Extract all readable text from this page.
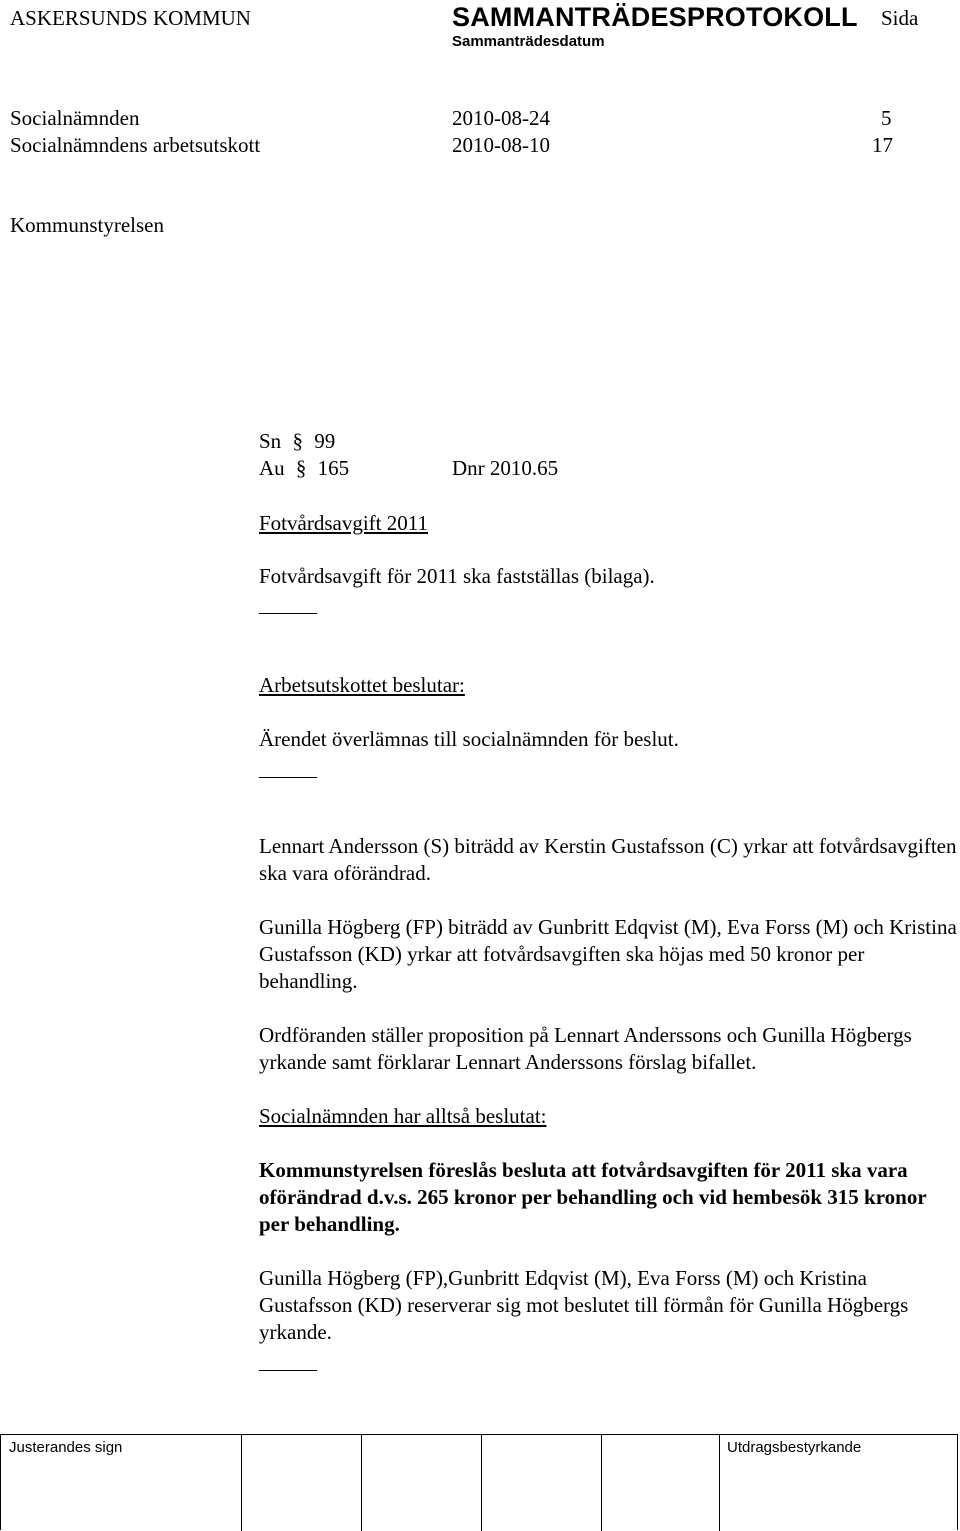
ASKERSUNDS KOMMUN	SAMMANTRÄDESPROTOKOLL Sida
Sammanträdesdatum
Socialnämnden	2010-08-24	5
Socialnämndens arbetsutskott	2010-08-10	17
Kommunstyrelsen
Sn § 99
Au § 165	Dnr 2010.65
Fotvårdsavgift 2011
Fotvårdsavgift för 2011 ska fastställas (bilaga).
Arbetsutskottet beslutar:
Ärendet överlämnas till socialnämnden för beslut.
Lennart Andersson (S) biträdd av Kerstin Gustafsson (C) yrkar att fotvårdsavgiften ska vara oförändrad.
Gunilla Högberg (FP) biträdd av Gunbritt Edqvist (M), Eva Forss (M) och Kristina Gustafsson (KD) yrkar att fotvårdsavgiften ska höjas med 50 kronor per behandling.
Ordföranden ställer proposition på Lennart Anderssons och Gunilla Högbergs yrkande samt förklarar Lennart Anderssons förslag bifallet.
Socialnämnden har alltså beslutat:
Kommunstyrelsen föreslås besluta att fotvårdsavgiften för 2011 ska vara oförändrad d.v.s. 265 kronor per behandling och vid hembesök 315 kronor per behandling.
Gunilla Högberg (FP),Gunbritt Edqvist (M), Eva Forss (M) och Kristina Gustafsson (KD) reserverar sig mot beslutet till förmån för Gunilla Högbergs yrkande.
Justerandes sign	Utdragsbestyrkande
